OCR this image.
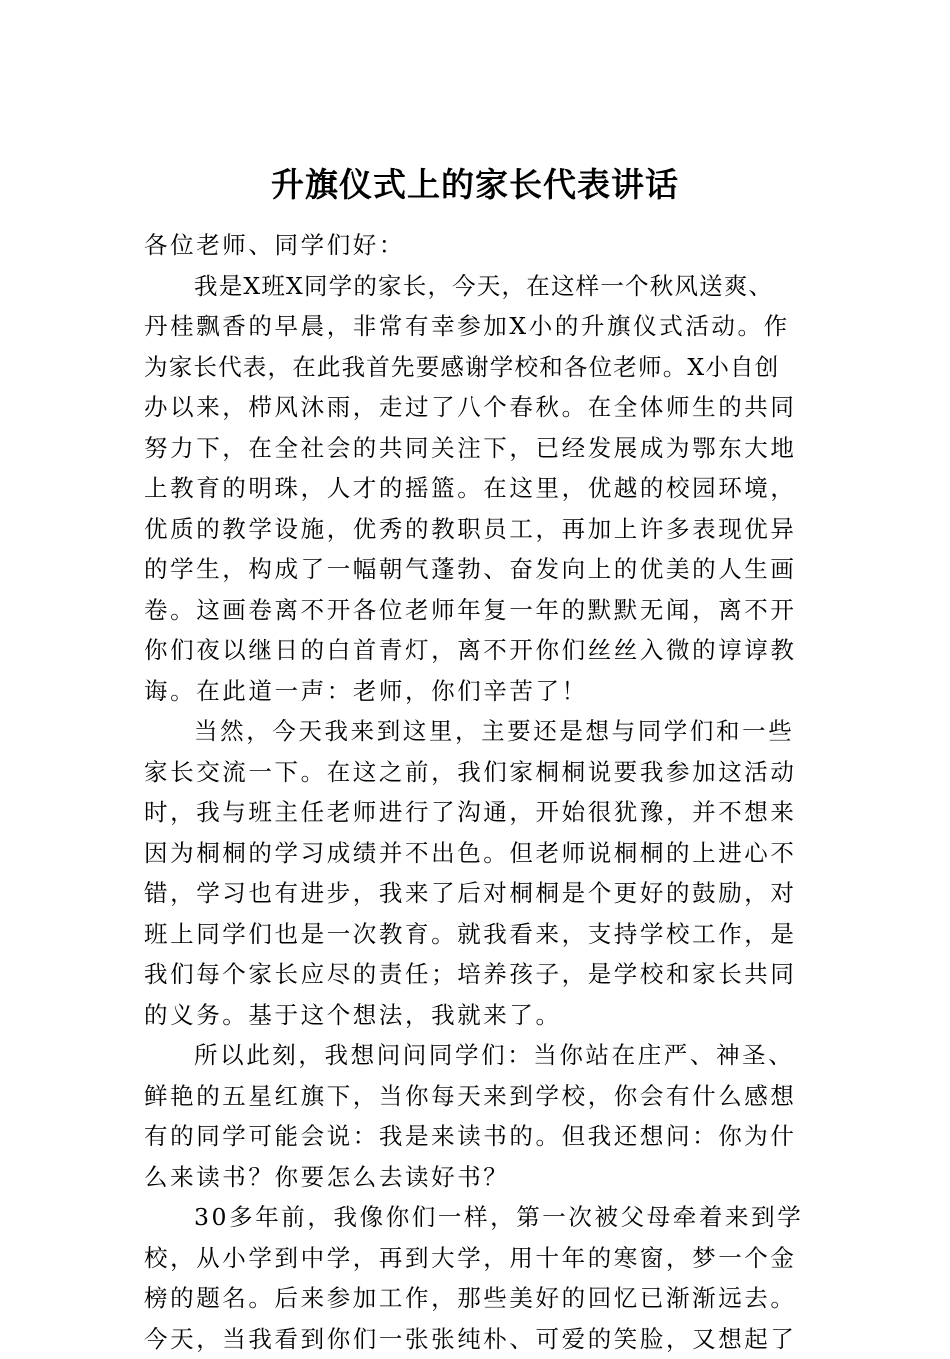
升旗仪式上的家长代表讲话
各位老师、同学们好：
我是X班X同学的家长，今天，在这样一个秋风送爽、
丹桂飘香的早晨，非常有幸参加X小的升旗仪式活动。作
为家长代表，在此我首先要感谢学校和各位老师。X小自创
办以来，栉风沐雨，走过了八个春秋。在全体师生的共同
努力下，在全社会的共同关注下，已经发展成为鄂东大地
上教育的明珠，人才的摇篮。在这里，优越的校园环境，
优质的教学设施，优秀的教职员工，再加上许多表现优异
的学生，构成了一幅朝气蓬勃、奋发向上的优美的人生画
卷。这画卷离不开各位老师年复一年的默默无闻，离不开
你们夜以继日的白首青灯，离不开你们丝丝入微的谆谆教
诲。在此道一声：老师，你们辛苦了！
当然，今天我来到这里，主要还是想与同学们和一些
家长交流一下。在这之前，我们家桐桐说要我参加这活动
时，我与班主任老师进行了沟通，开始很犹豫，并不想来
因为桐桐的学习成绩并不出色。但老师说桐桐的上进心不
错，学习也有进步，我来了后对桐桐是个更好的鼓励，对
班上同学们也是一次教育。就我看来，支持学校工作，是
我们每个家长应尽的责任；培养孩子，是学校和家长共同
的义务。基于这个想法，我就来了。
所以此刻，我想问问同学们：当你站在庄严、神圣、
鲜艳的五星红旗下，当你每天来到学校，你会有什么感想
有的同学可能会说：我是来读书的。但我还想问：你为什
么来读书？你要怎么去读好书？
30多年前，我像你们一样，第一次被父母牵着来到学
校，从小学到中学，再到大学，用十年的寒窗，梦一个金
榜的题名。后来参加工作，那些美好的回忆已渐渐远去。
今天，当我看到你们一张张纯朴、可爱的笑脸，又想起了
